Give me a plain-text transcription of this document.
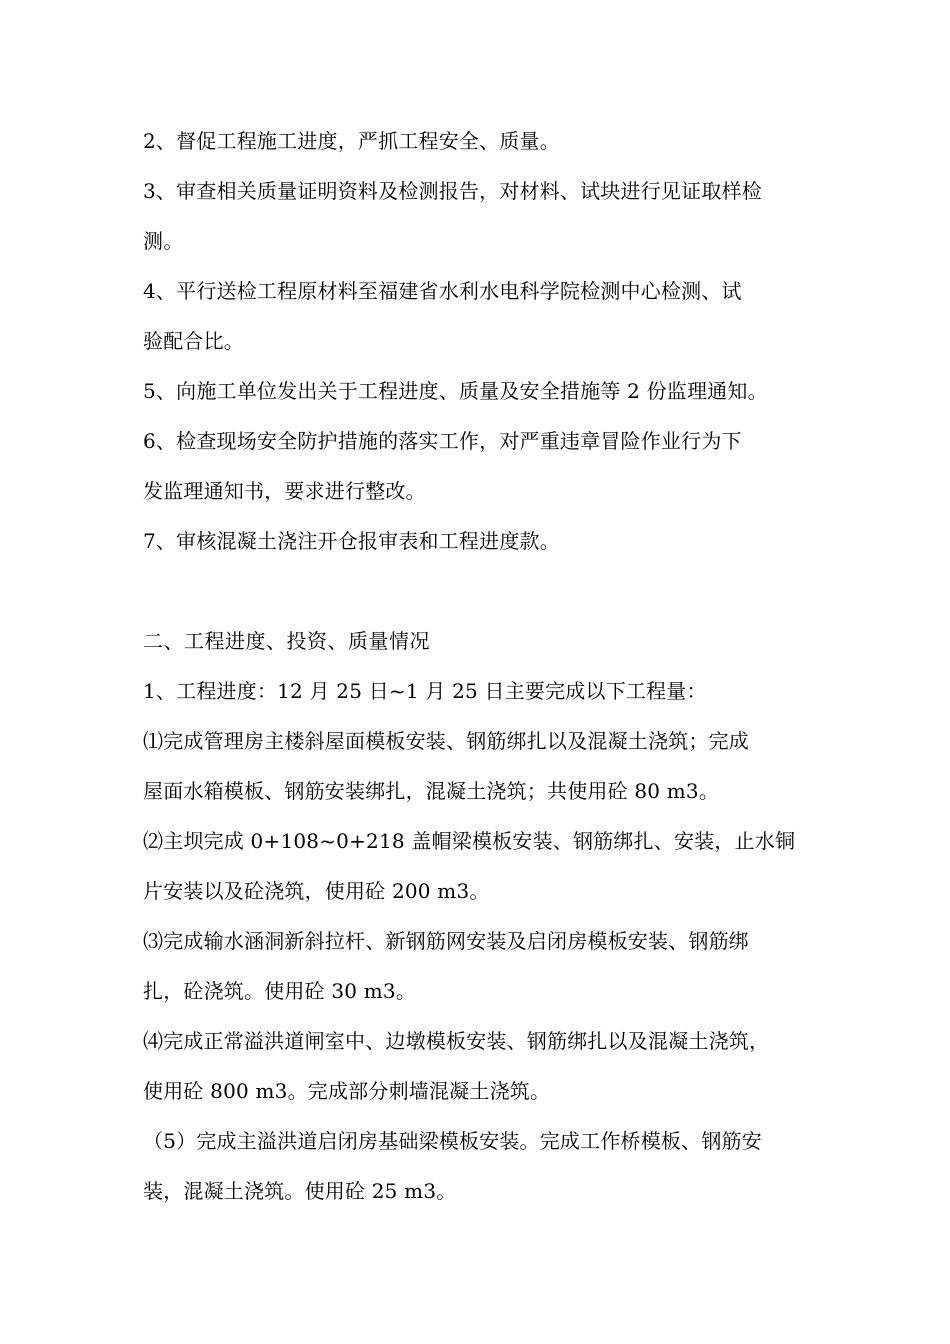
2、督促工程施工进度，严抓工程安全、质量。
3、审查相关质量证明资料及检测报告，对材料、试块进行见证取样检
测。
4、平行送检工程原材料至福建省水利水电科学院检测中心检测、试
验配合比。
5、向施工单位发出关于工程进度、质量及安全措施等 2 份监理通知。
6、检查现场安全防护措施的落实工作，对严重违章冒险作业行为下
发监理通知书，要求进行整改。
7、审核混凝土浇注开仓报审表和工程进度款。
二、工程进度、投资、质量情况
1、工程进度：12 月 25 日~1 月 25 日主要完成以下工程量：
⑴完成管理房主楼斜屋面模板安装、钢筋绑扎以及混凝土浇筑；完成
屋面水箱模板、钢筋安装绑扎，混凝土浇筑；共使用砼 80 m3。
⑵主坝完成 0+108~0+218 盖帽梁模板安装、钢筋绑扎、安装，止水铜
片安装以及砼浇筑，使用砼 200 m3。
⑶完成输水涵洞新斜拉杆、新钢筋网安装及启闭房模板安装、钢筋绑
扎，砼浇筑。使用砼 30 m3。
⑷完成正常溢洪道闸室中、边墩模板安装、钢筋绑扎以及混凝土浇筑，
使用砼 800 m3。完成部分刺墙混凝土浇筑。
（5）完成主溢洪道启闭房基础梁模板安装。完成工作桥模板、钢筋安
装，混凝土浇筑。使用砼 25 m3。
